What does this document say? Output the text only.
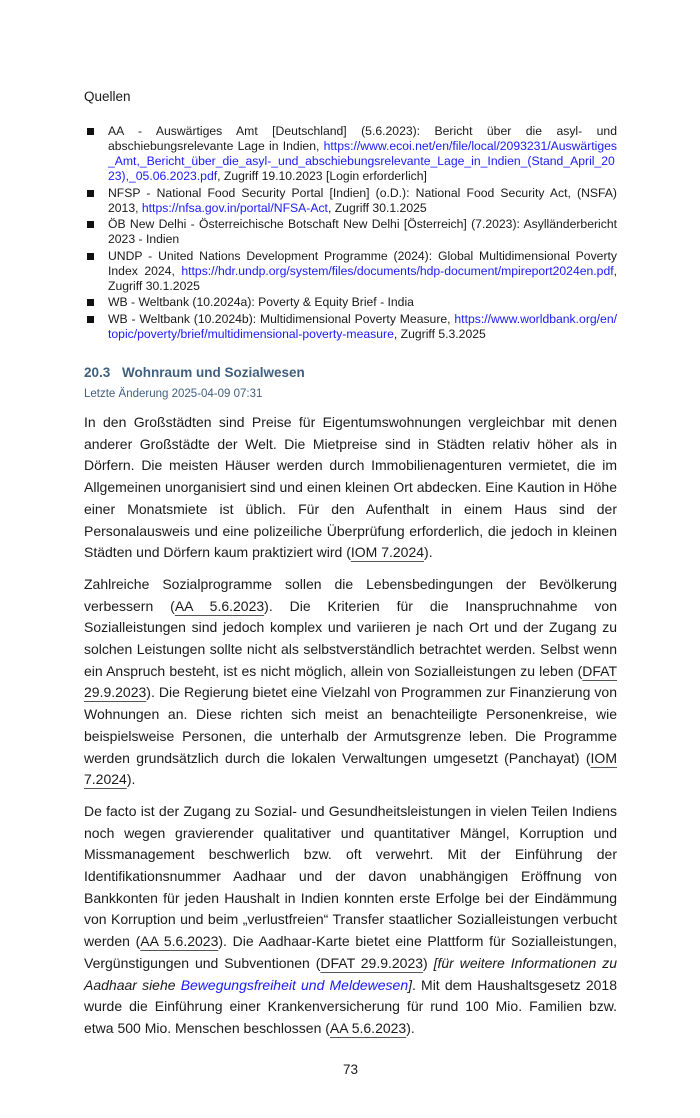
Quellen
AA - Auswärtiges Amt [Deutschland] (5.6.2023): Bericht über die asyl- und abschiebungsrelevante Lage in Indien, https://www.ecoi.net/en/file/local/2093231/Auswärtiges_Amt,_Bericht_über_die_asyl-_und_abschiebungsrelevante_Lage_in_Indien_(Stand_April_2023),_05.06.2023.pdf, Zugriff 19.10.2023 [Login erforderlich]
NFSP - National Food Security Portal [Indien] (o.D.): National Food Security Act, (NSFA) 2013, https://nfsa.gov.in/portal/NFSA-Act, Zugriff 30.1.2025
ÖB New Delhi - Österreichische Botschaft New Delhi [Österreich] (7.2023): Asylländerbericht 2023 - Indien
UNDP - United Nations Development Programme (2024): Global Multidimensional Poverty Index 2024, https://hdr.undp.org/system/files/documents/hdp-document/mpireport2024en.pdf, Zugriff 30.1.2025
WB - Weltbank (10.2024a): Poverty & Equity Brief - India
WB - Weltbank (10.2024b): Multidimensional Poverty Measure, https://www.worldbank.org/en/topic/poverty/brief/multidimensional-poverty-measure, Zugriff 5.3.2025
20.3 Wohnraum und Sozialwesen
Letzte Änderung 2025-04-09 07:31

In den Großstädten sind Preise für Eigentumswohnungen vergleichbar mit denen anderer Großstädte der Welt. Die Mietpreise sind in Städten relativ höher als in Dörfern. Die meisten Häuser werden durch Immobilienagenturen vermietet, die im Allgemeinen unorganisiert sind und einen kleinen Ort abdecken. Eine Kaution in Höhe einer Monatsmiete ist üblich. Für den Aufenthalt in einem Haus sind der Personalausweis und eine polizeiliche Überprüfung erforderlich, die jedoch in kleinen Städten und Dörfern kaum praktiziert wird (IOM 7.2024).

Zahlreiche Sozialprogramme sollen die Lebensbedingungen der Bevölkerung verbessern (AA 5.6.2023). Die Kriterien für die Inanspruchnahme von Sozialleistungen sind jedoch komplex und variieren je nach Ort und der Zugang zu solchen Leistungen sollte nicht als selbstverständlich betrachtet werden. Selbst wenn ein Anspruch besteht, ist es nicht möglich, allein von Sozialleistungen zu leben (DFAT 29.9.2023). Die Regierung bietet eine Vielzahl von Programmen zur Finanzierung von Wohnungen an. Diese richten sich meist an benachteiligte Personenkreise, wie beispielsweise Personen, die unterhalb der Armutsgrenze leben. Die Programme werden grundsätzlich durch die lokalen Verwaltungen umgesetzt (Panchayat) (IOM 7.2024).

De facto ist der Zugang zu Sozial- und Gesundheitsleistungen in vielen Teilen Indiens noch wegen gravierender qualitativer und quantitativer Mängel, Korruption und Missmanagement beschwerlich bzw. oft verwehrt. Mit der Einführung der Identifikationsnummer Aadhaar und der davon unabhängigen Eröffnung von Bankkonten für jeden Haushalt in Indien konnten erste Erfolge bei der Eindämmung von Korruption und beim „verlustfreien“ Transfer staatlicher Sozialleistungen verbucht werden (AA 5.6.2023). Die Aadhaar-Karte bietet eine Plattform für Sozialleistungen, Vergünstigungen und Subventionen (DFAT 29.9.2023) [für weitere Informationen zu Aadhaar siehe Bewegungsfreiheit und Meldewesen]. Mit dem Haushaltsgesetz 2018 wurde die Einführung einer Krankenversicherung für rund 100 Mio. Familien bzw. etwa 500 Mio. Menschen beschlossen (AA 5.6.2023).

73
